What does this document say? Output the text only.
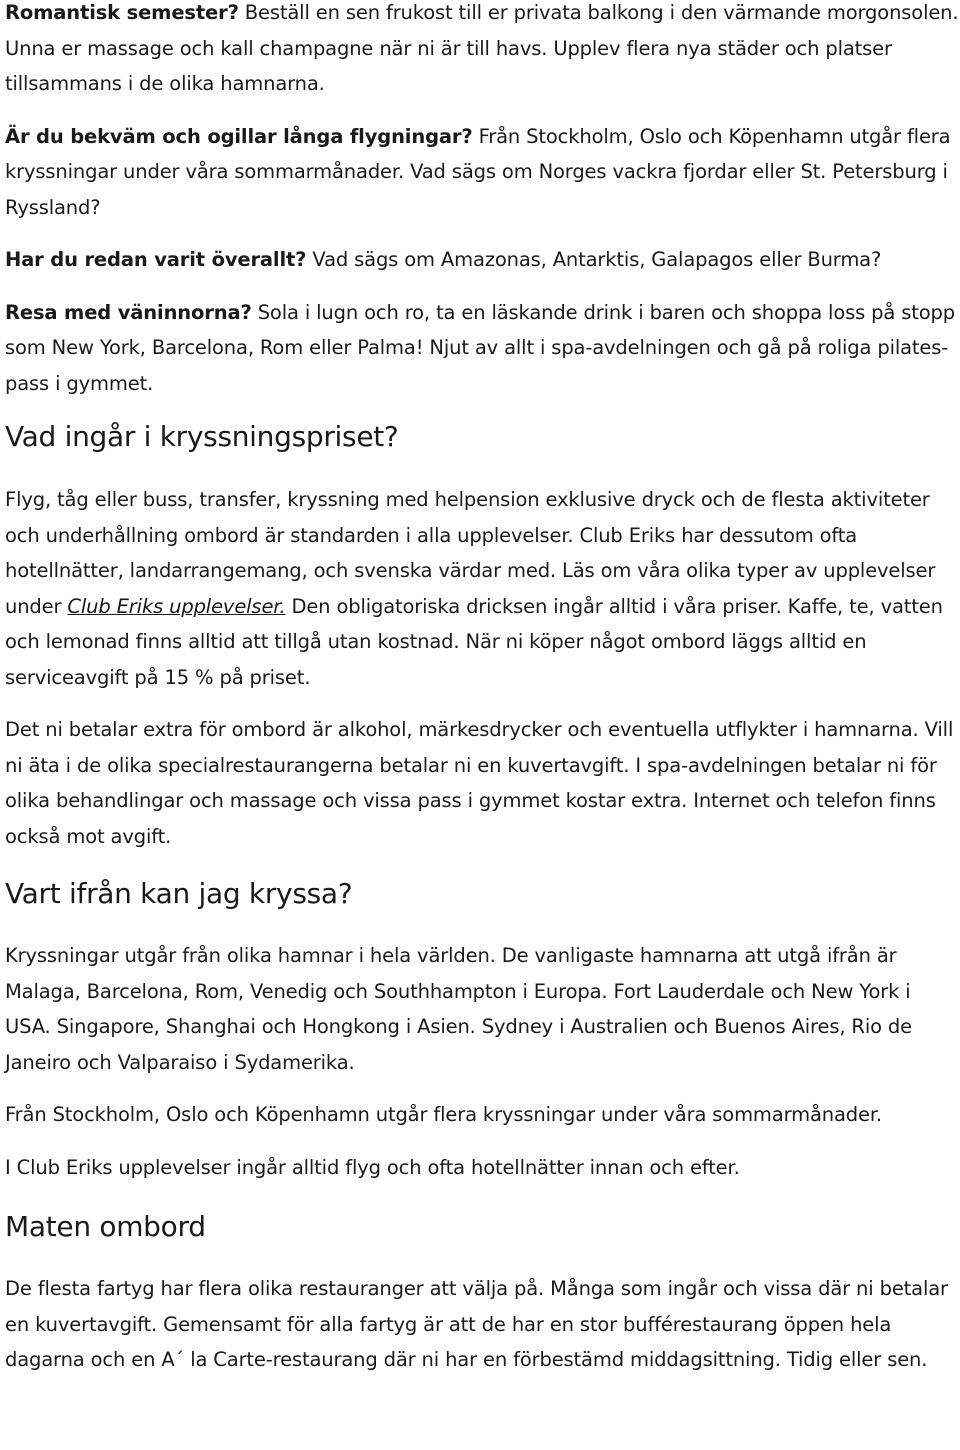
Romantisk semester? Beställ en sen frukost till er privata balkong i den värmande morgonsolen. Unna er massage och kall champagne när ni är till havs. Upplev flera nya städer och platser tillsammans i de olika hamnarna.

Är du bekväm och ogillar långa flygningar? Från Stockholm, Oslo och Köpenhamn utgår flera kryssningar under våra sommarmånader. Vad sägs om Norges vackra fjordar eller St. Petersburg i Ryssland?

Har du redan varit överallt? Vad sägs om Amazonas, Antarktis, Galapagos eller Burma?

Resa med väninnorna? Sola i lugn och ro, ta en läskande drink i baren och shoppa loss på stopp som New York, Barcelona, Rom eller Palma! Njut av allt i spa-avdelningen och gå på roliga pilates-pass i gymmet.

Vad ingår i kryssningspriset?

Flyg, tåg eller buss, transfer, kryssning med helpension exklusive dryck och de flesta aktiviteter och underhållning ombord är standarden i alla upplevelser. Club Eriks har dessutom ofta hotellnätter, landarrangemang, och svenska värdar med. Läs om våra olika typer av upplevelser under Club Eriks upplevelser. Den obligatoriska dricksen ingår alltid i våra priser. Kaffe, te, vatten och lemonad finns alltid att tillgå utan kostnad. När ni köper något ombord läggs alltid en serviceavgift på 15 % på priset.

Det ni betalar extra för ombord är alkohol, märkesdrycker och eventuella utflykter i hamnarna. Vill ni äta i de olika specialrestaurangerna betalar ni en kuvertavgift. I spa-avdelningen betalar ni för olika behandlingar och massage och vissa pass i gymmet kostar extra. Internet och telefon finns också mot avgift.

Vart ifrån kan jag kryssa?

Kryssningar utgår från olika hamnar i hela världen. De vanligaste hamnarna att utgå ifrån är Malaga, Barcelona, Rom, Venedig och Southhampton i Europa. Fort Lauderdale och New York i USA. Singapore, Shanghai och Hongkong i Asien. Sydney i Australien och Buenos Aires, Rio de Janeiro och Valparaiso i Sydamerika.

Från Stockholm, Oslo och Köpenhamn utgår flera kryssningar under våra sommarmånader.

I Club Eriks upplevelser ingår alltid flyg och ofta hotellnätter innan och efter.

Maten ombord

De flesta fartyg har flera olika restauranger att välja på. Många som ingår och vissa där ni betalar en kuvertavgift. Gemensamt för alla fartyg är att de har en stor bufférestaurang öppen hela dagarna och en A´ la Carte-restaurang där ni har en förbestämd middagsittning. Tidig eller sen.
